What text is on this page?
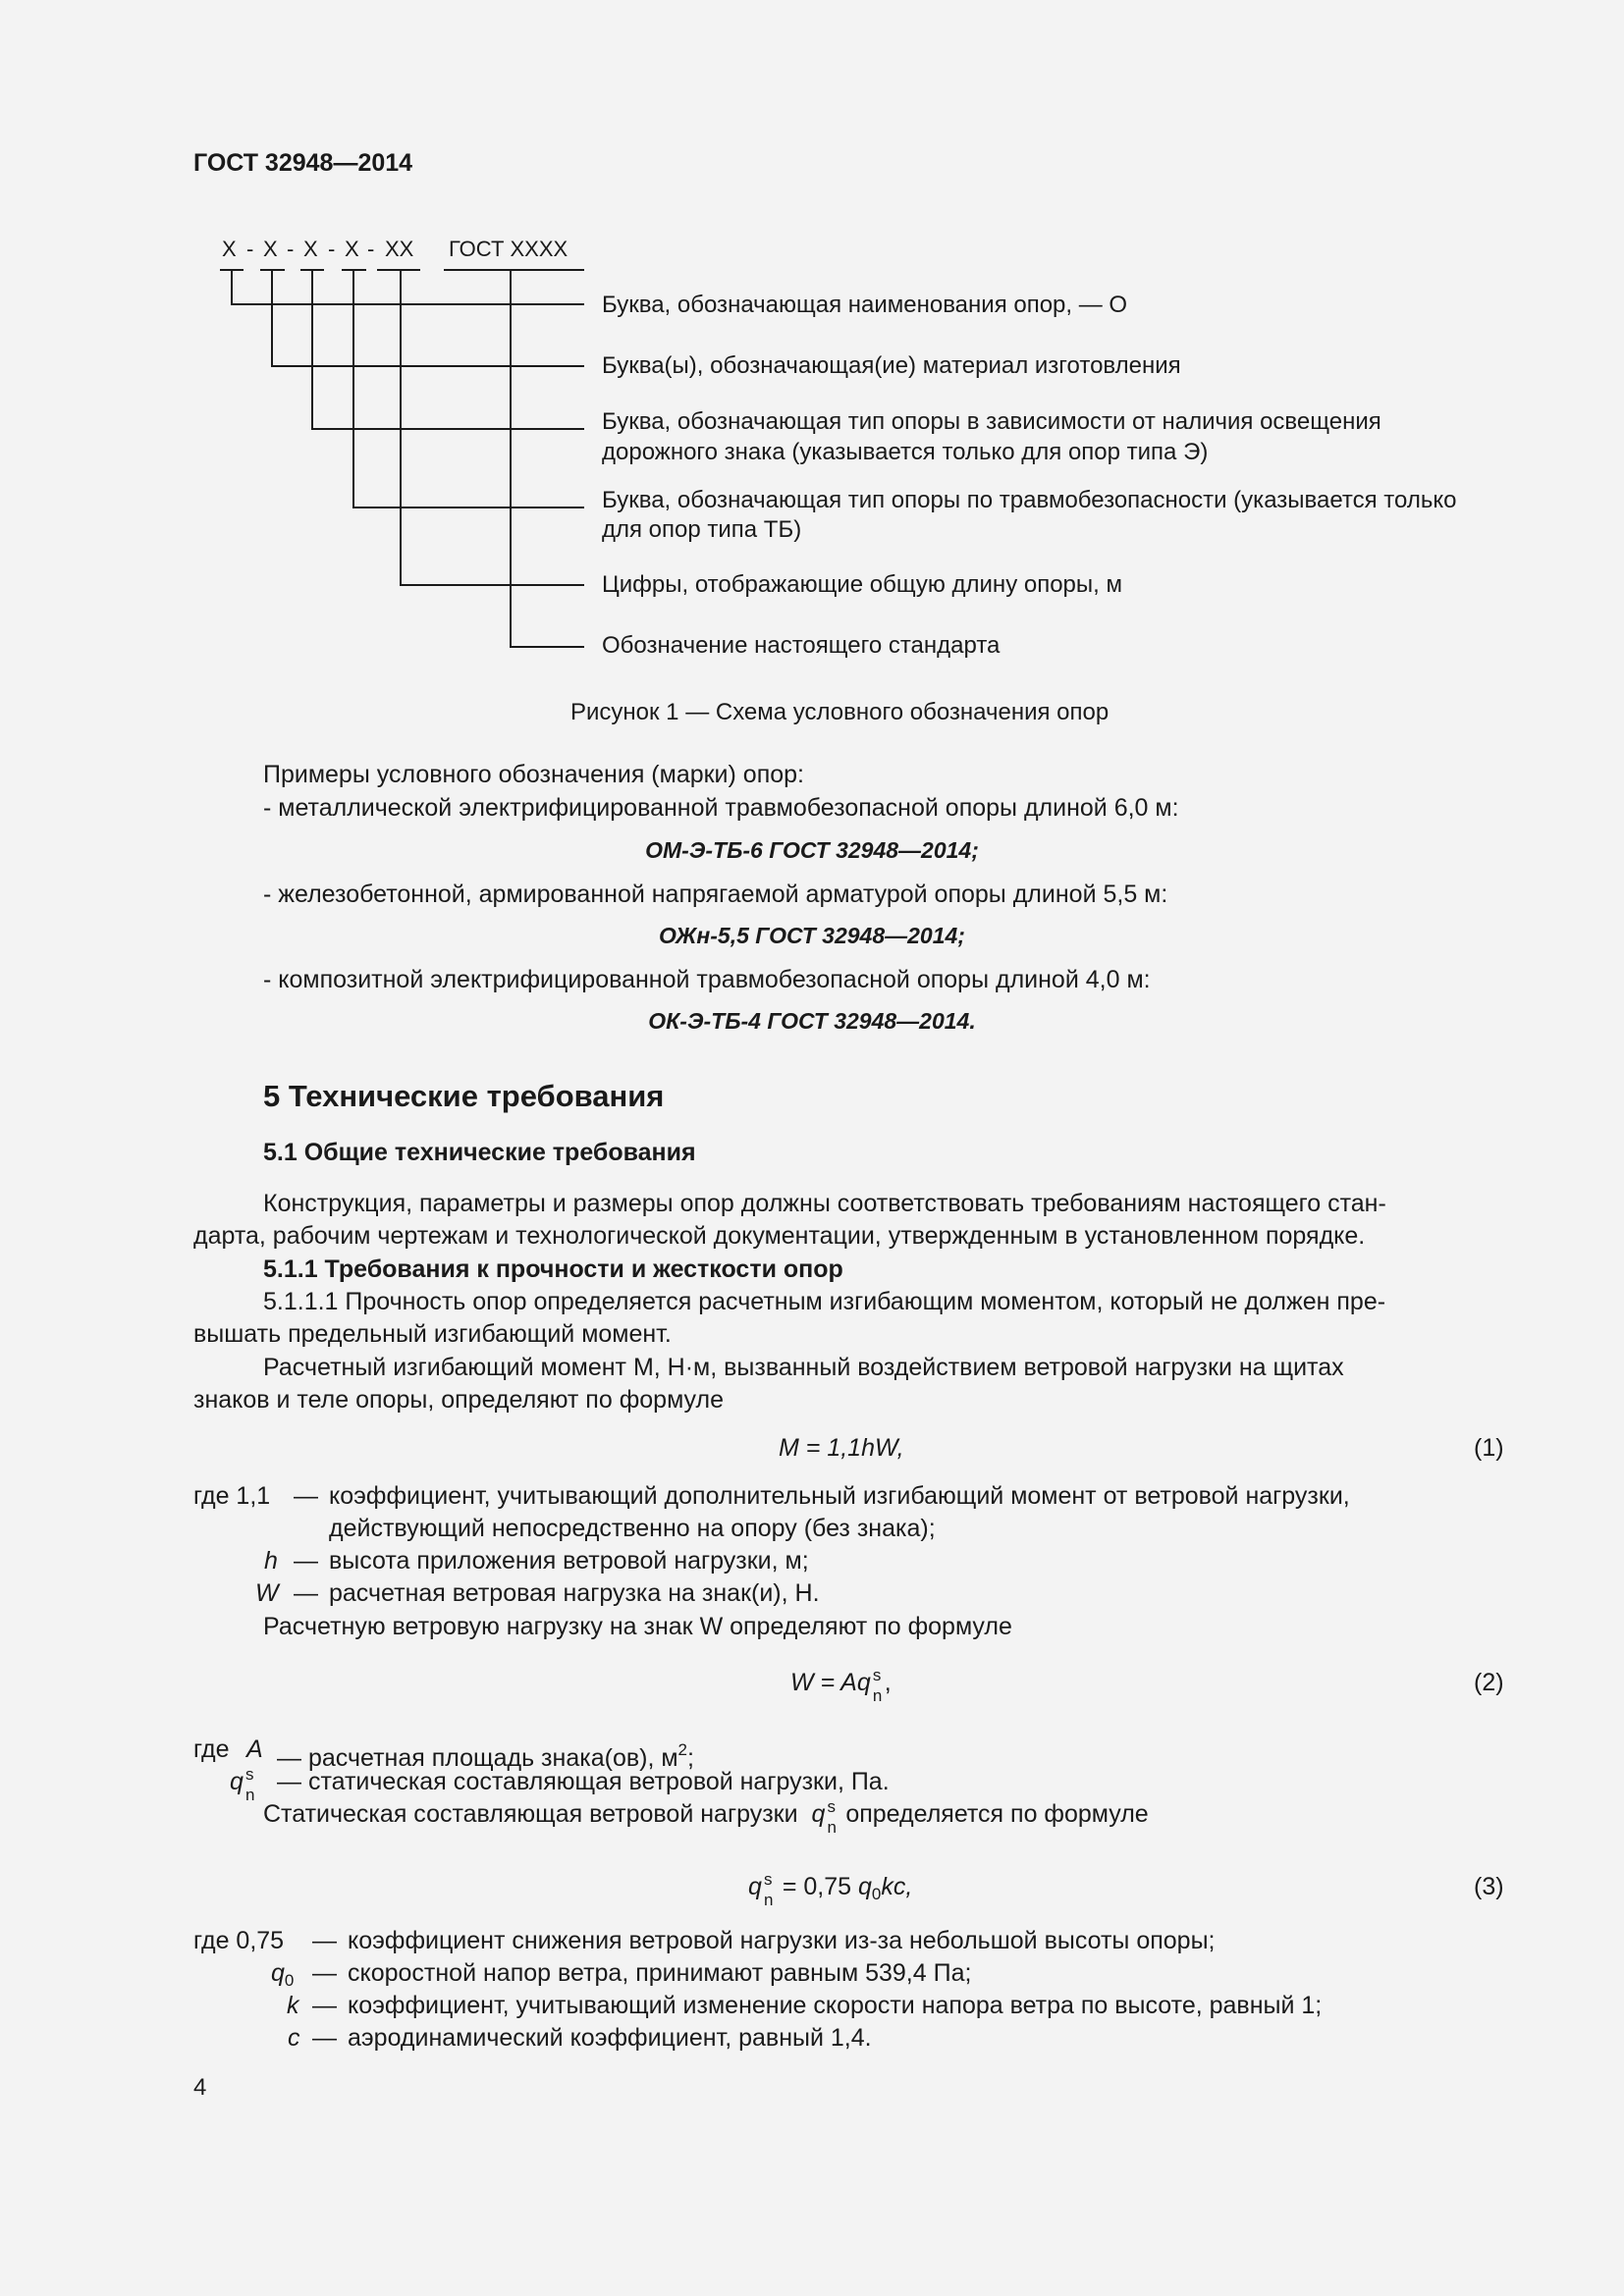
ГОСТ 32948—2014
Х - Х - Х - Х - ХХ ГОСТ ХХХХ
Буква, обозначающая наименования опор, — О
Буква(ы), обозначающая(ие) материал изготовления
Буква, обозначающая тип опоры в зависимости от наличия освещения
дорожного знака (указывается только для опор типа Э)
Буква, обозначающая тип опоры по травмобезопасности (указывается только
для опор типа ТБ)
Цифры, отображающие общую длину опоры, м
Обозначение настоящего стандарта
Рисунок 1 — Схема условного обозначения опор
Примеры условного обозначения (марки) опор:
- металлической электрифицированной травмобезопасной опоры длиной 6,0 м:
ОМ-Э-ТБ-6 ГОСТ 32948—2014;
- железобетонной, армированной напрягаемой арматурой опоры длиной 5,5 м:
ОЖн-5,5 ГОСТ 32948—2014;
- композитной электрифицированной травмобезопасной опоры длиной 4,0 м:
ОК-Э-ТБ-4 ГОСТ 32948—2014.
5 Технические требования
5.1 Общие технические требования
Конструкция, параметры и размеры опор должны соответствовать требованиям настоящего стан-
дарта, рабочим чертежам и технологической документации, утвержденным в установленном порядке.
5.1.1 Требования к прочности и жесткости опор
5.1.1.1 Прочность опор определяется расчетным изгибающим моментом, который не должен пре-
вышать предельный изгибающий момент.
Расчетный изгибающий момент М, Н·м, вызванный воздействием ветровой нагрузки на щитах
знаков и теле опоры, определяют по формуле
М = 1,1hW,	(1)
где 1,1 — коэффициент, учитывающий дополнительный изгибающий момент от ветровой нагрузки,
действующий непосредственно на опору (без знака);
h — высота приложения ветровой нагрузки, м;
W — расчетная ветровая нагрузка на знак(и), Н.
Расчетную ветровую нагрузку на знак W определяют по формуле
W = Aq s
n ,	(2)
где A — расчетная площадь знака(ов), $м^2$;
q s
n — статическая составляющая ветровой нагрузки, Па.
Статическая составляющая ветровой нагрузки q s
n определяется по формуле
q s
n = 0,75 $q_0kc$,	(3)
где 0,75 — коэффициент снижения ветровой нагрузки из-за небольшой высоты опоры;
$q_0$ — скоростной напор ветра, принимают равным 539,4 Па;
k — коэффициент, учитывающий изменение скорости напора ветра по высоте, равный 1;
c — аэродинамический коэффициент, равный 1,4.
4
